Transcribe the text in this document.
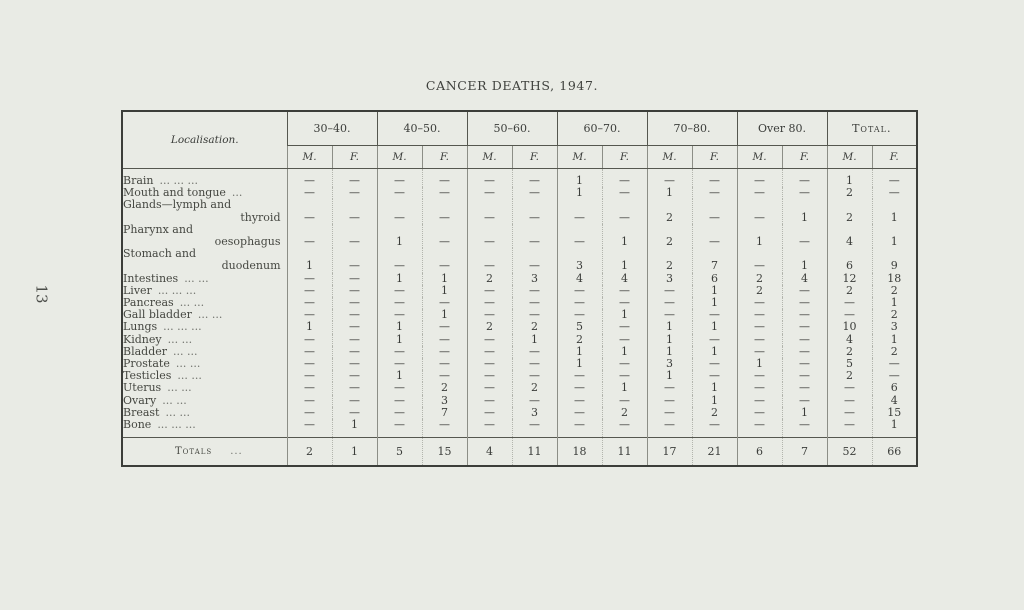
13
CANCER DEATHS, 1947.
Localisation.	30–40.		40–50.		50–60.		60–70.		70–80.		Over 80.		Total.	
	M.	F.	M.	F.	M.	F.	M.	F.	M.	F.	M.	F.	M.	F.
Brain ... ... ...	—	—	—	—	—	—	1	—	—	—	—	—	1	—
Mouth and tongue ...	—	—	—	—	—	—	1	—	1	—	—	—	2	—
Glands—lymph and
thyroid	—	—	—	—	—	—	—	—	2	—	—	1	2	1
Pharynx and
oesophagus	—	—	1	—	—	—	—	1	2	—	1	—	4	1
Stomach and
duodenum	1	—	—	—	—	—	3	1	2	7	—	1	6	9
Intestines ... ...	—	—	1	1	2	3	4	4	3	6	2	4	12	18
Liver ... ... ...	—	—	—	1	—	—	—	—	—	1	2	—	2	2
Pancreas ... ...	—	—	—	—	—	—	—	—	—	1	—	—	—	1
Gall bladder ... ...	—	—	—	1	—	—	—	1	—	—	—	—	—	2
Lungs ... ... ...	1	—	1	—	2	2	5	—	1	1	—	—	10	3
Kidney ... ...	—	—	1	—	—	1	2	—	1	—	—	—	4	1
Bladder ... ...	—	—	—	—	—	—	1	1	1	1	—	—	2	2
Prostate ... ...	—	—	—	—	—	—	1	—	3	—	1	—	5	—
Testicles ... ...	—	—	1	—	—	—	—	—	1	—	—	—	2	—
Uterus ... ...	—	—	—	2	—	2	—	1	—	1	—	—	—	6
Ovary ... ...	—	—	—	3	—	—	—	—	—	1	—	—	—	4
Breast ... ...	—	—	—	7	—	3	—	2	—	2	—	1	—	15
Bone ... ... ...	—	1	—	—	—	—	—	—	—	—	—	—	—	1
Totals ...	2	1	5	15	4	11	18	11	17	21	6	7	52	66
